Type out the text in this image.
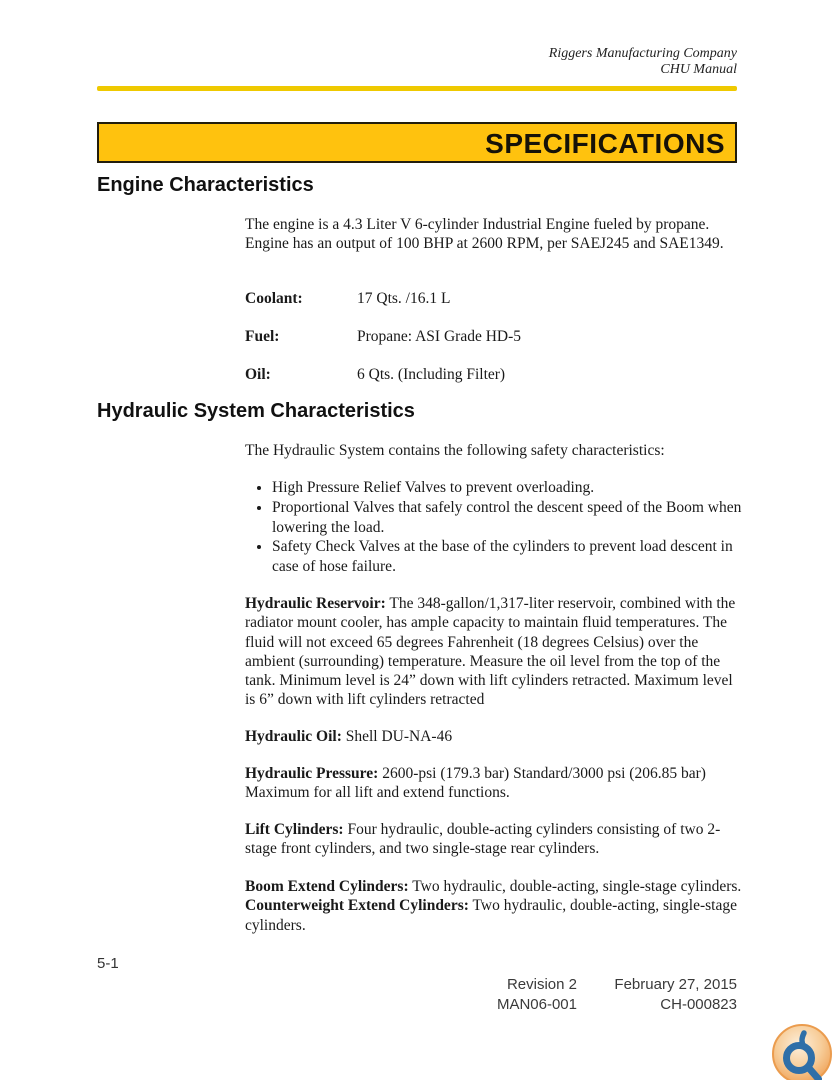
Riggers Manufacturing Company
CHU Manual
SPECIFICATIONS
Engine Characteristics

The engine is a 4.3 Liter V 6-cylinder Industrial Engine fueled by propane. Engine has an output of 100 BHP at 2600 RPM, per SAEJ245 and SAE1349.

Coolant:	17 Qts. /16.1 L
Fuel:	Propane: ASI Grade HD-5
Oil:	6 Qts. (Including Filter)
Hydraulic System Characteristics

The Hydraulic System contains the following safety characteristics:

• High Pressure Relief Valves to prevent overloading.
• Proportional Valves that safely control the descent speed of the Boom when lowering the load.
• Safety Check Valves at the base of the cylinders to prevent load descent in case of hose failure.

Hydraulic Reservoir: The 348-gallon/1,317-liter reservoir, combined with the radiator mount cooler, has ample capacity to maintain fluid temperatures. The fluid will not exceed 65 degrees Fahrenheit (18 degrees Celsius) over the ambient (surrounding) temperature. Measure the oil level from the top of the tank. Minimum level is 24” down with lift cylinders retracted. Maximum level is 6” down with lift cylinders retracted

Hydraulic Oil: Shell DU-NA-46

Hydraulic Pressure: 2600-psi (179.3 bar) Standard/3000 psi (206.85 bar) Maximum for all lift and extend functions.

Lift Cylinders: Four hydraulic, double-acting cylinders consisting of two 2-stage front cylinders, and two single-stage rear cylinders.

Boom Extend Cylinders: Two hydraulic, double-acting, single-stage cylinders.

Counterweight Extend Cylinders: Two hydraulic, double-acting, single-stage cylinders.

5-1
Revision 2	February 27, 2015
MAN06-001	CH-000823
